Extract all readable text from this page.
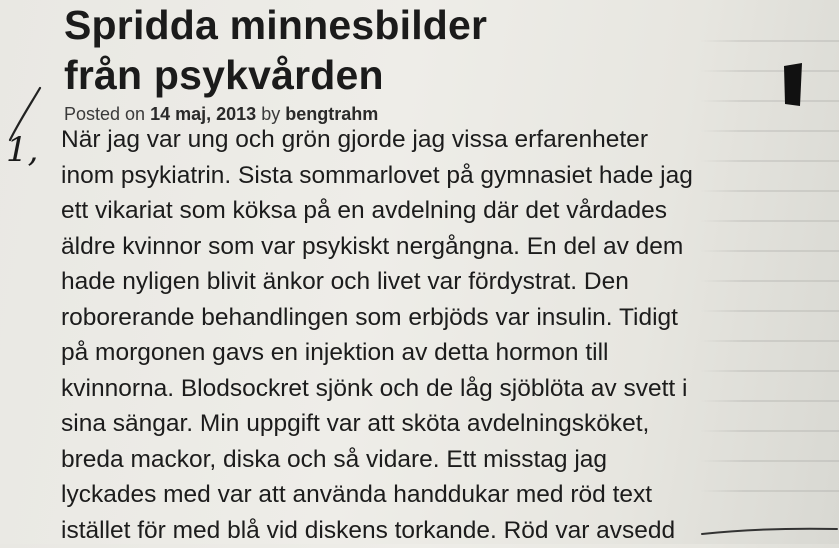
Spridda minnesbilder
från psykvården
Posted on 14 maj, 2013 by bengtrahm
När jag var ung och grön gjorde jag vissa erfarenheter
inom psykiatrin. Sista sommarlovet på gymnasiet hade jag
ett vikariat som köksa på en avdelning där det vårdades
äldre kvinnor som var psykiskt nergångna. En del av dem
hade nyligen blivit änkor och livet var fördystrat. Den
roborerande behandlingen som erbjöds var insulin. Tidigt
på morgonen gavs en injektion av detta hormon till
kvinnorna. Blodsockret sjönk och de låg sjöblöta av svett i
sina sängar. Min uppgift var att sköta avdelningsköket,
breda mackor, diska och så vidare. Ett misstag jag
lyckades med var att använda handdukar med röd text
istället för med blå vid diskens torkande. Röd var avsedd
1,
